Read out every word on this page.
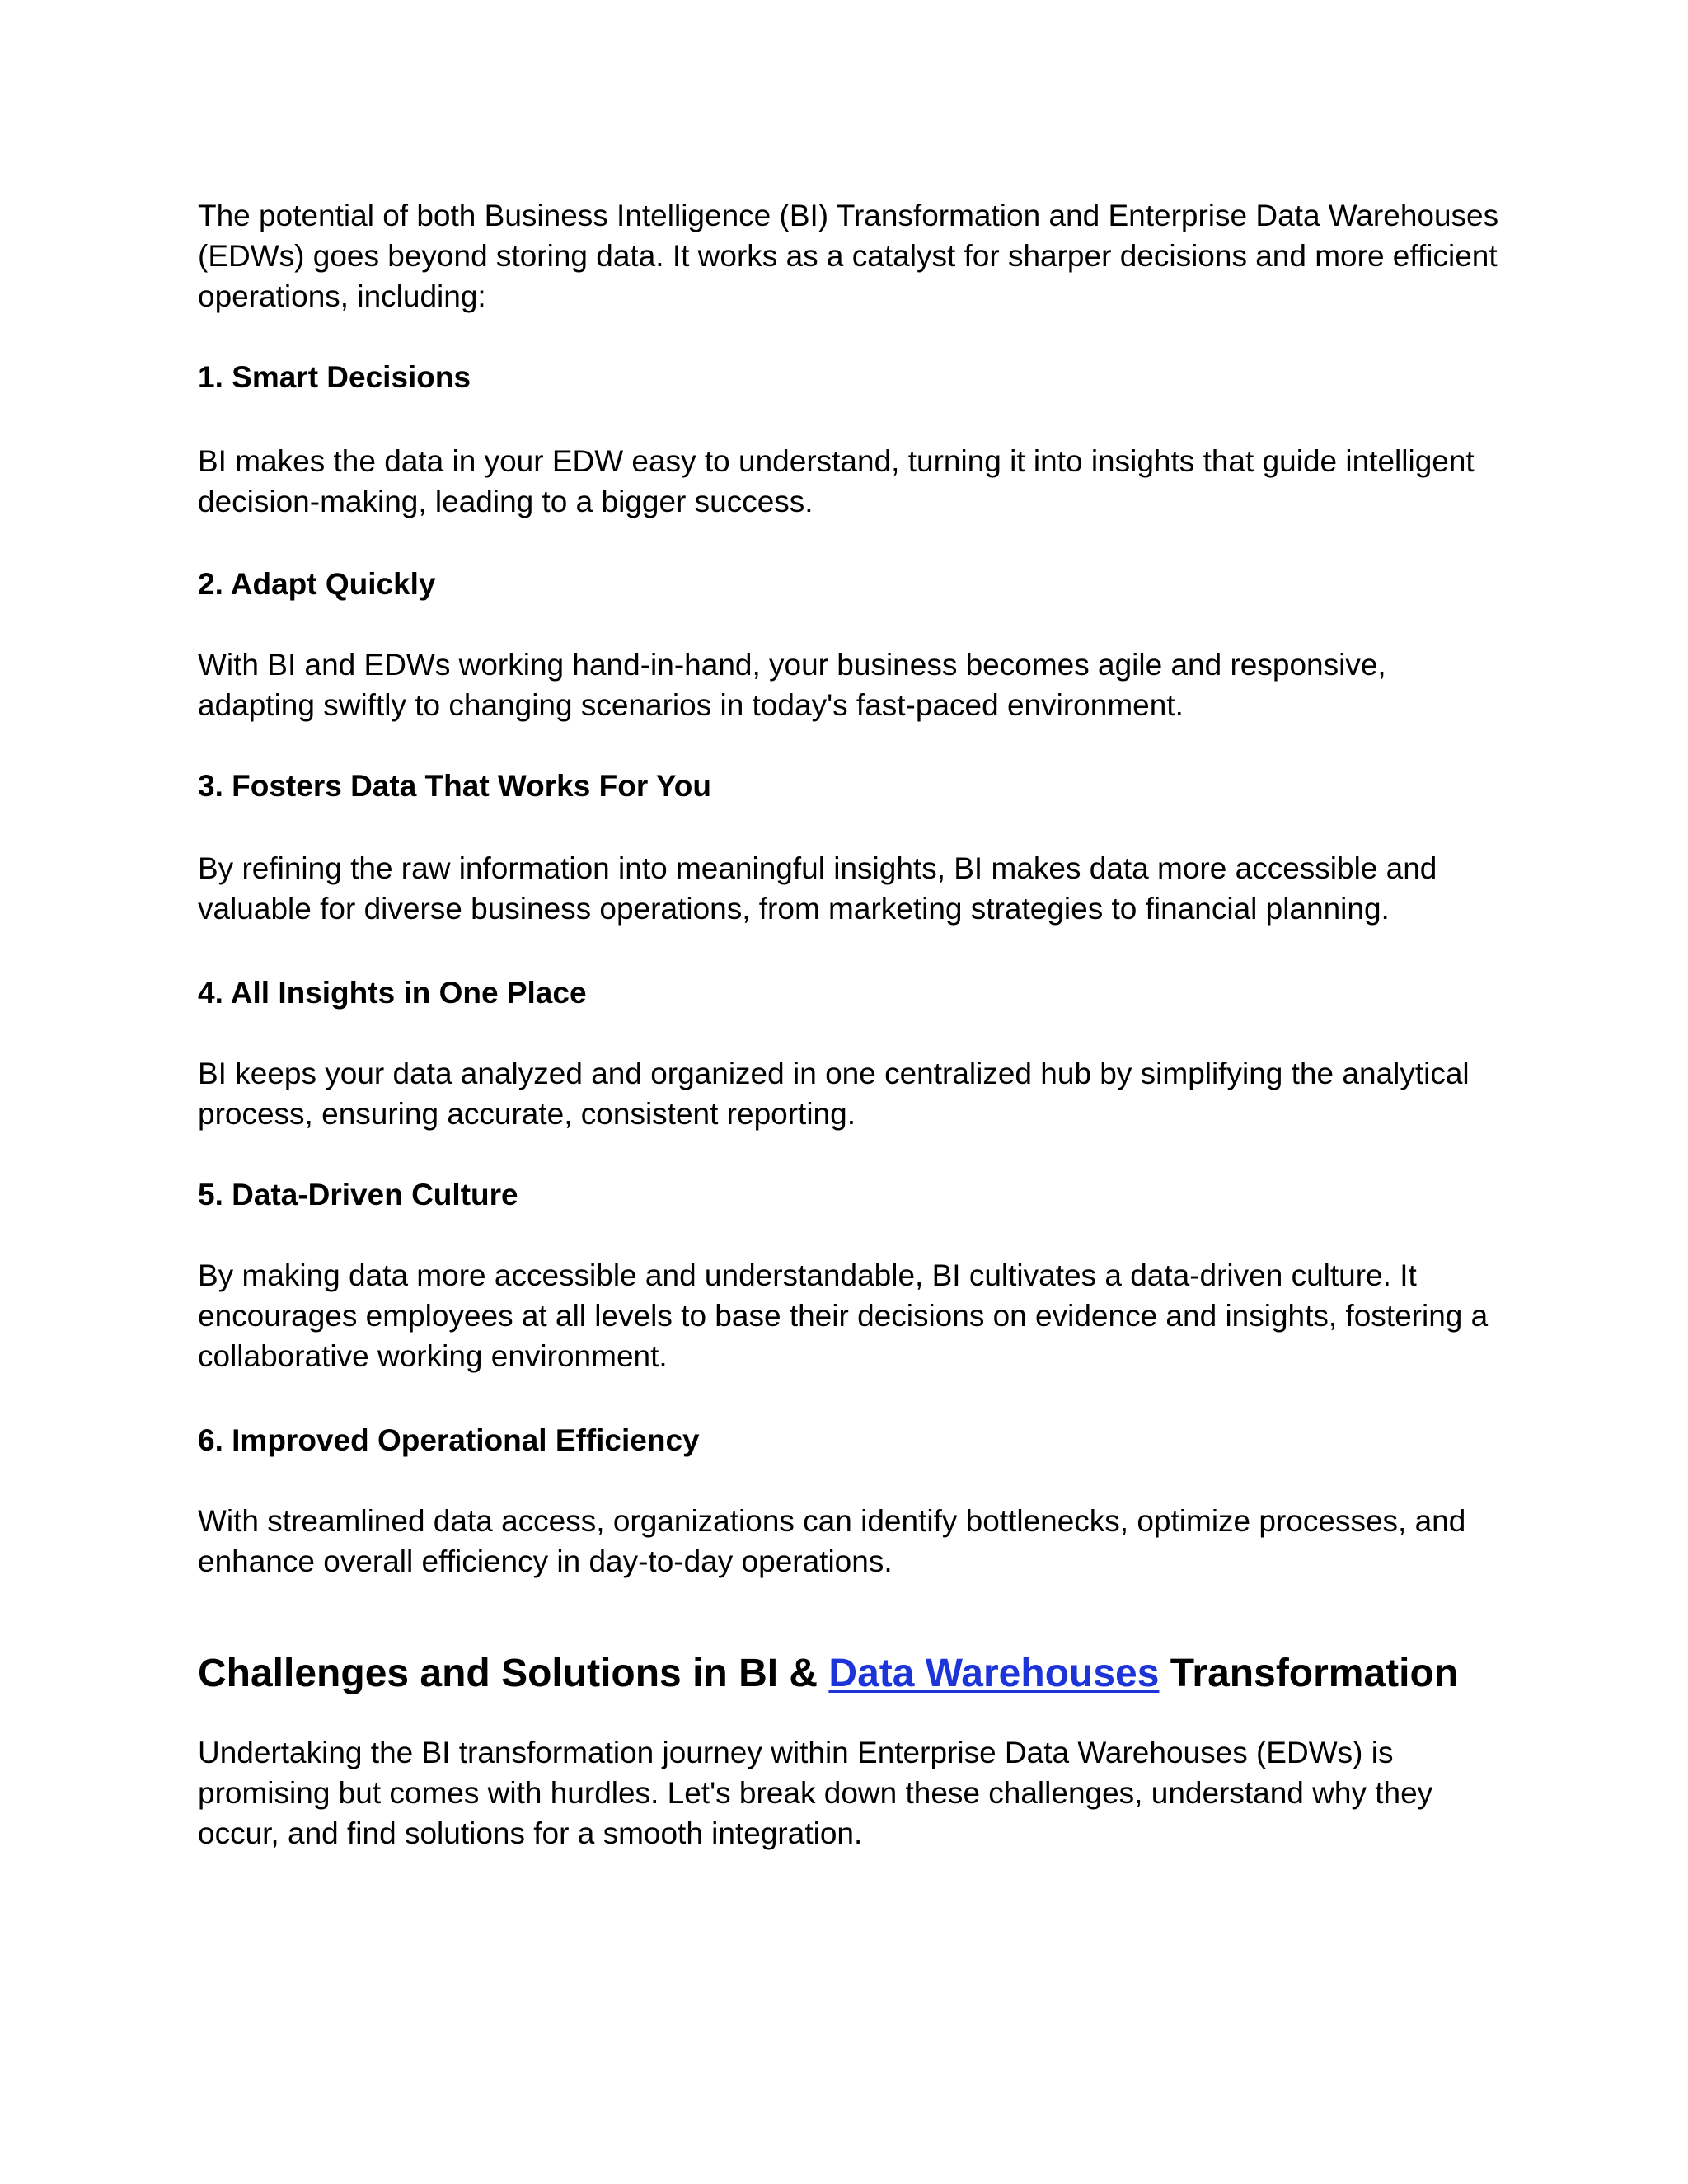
The potential of both Business Intelligence (BI) Transformation and Enterprise Data Warehouses (EDWs) goes beyond storing data. It works as a catalyst for sharper decisions and more efficient operations, including:

1. Smart Decisions

BI makes the data in your EDW easy to understand, turning it into insights that guide intelligent decision-making, leading to a bigger success.

2. Adapt Quickly

With BI and EDWs working hand-in-hand, your business becomes agile and responsive, adapting swiftly to changing scenarios in today's fast-paced environment.

3. Fosters Data That Works For You

By refining the raw information into meaningful insights, BI makes data more accessible and valuable for diverse business operations, from marketing strategies to financial planning.

4. All Insights in One Place

BI keeps your data analyzed and organized in one centralized hub by simplifying the analytical process, ensuring accurate, consistent reporting.

5. Data-Driven Culture

By making data more accessible and understandable, BI cultivates a data-driven culture. It encourages employees at all levels to base their decisions on evidence and insights, fostering a collaborative working environment.

6. Improved Operational Efficiency

With streamlined data access, organizations can identify bottlenecks, optimize processes, and enhance overall efficiency in day-to-day operations.

Challenges and Solutions in BI & Data Warehouses Transformation

Undertaking the BI transformation journey within Enterprise Data Warehouses (EDWs) is promising but comes with hurdles. Let's break down these challenges, understand why they occur, and find solutions for a smooth integration.
